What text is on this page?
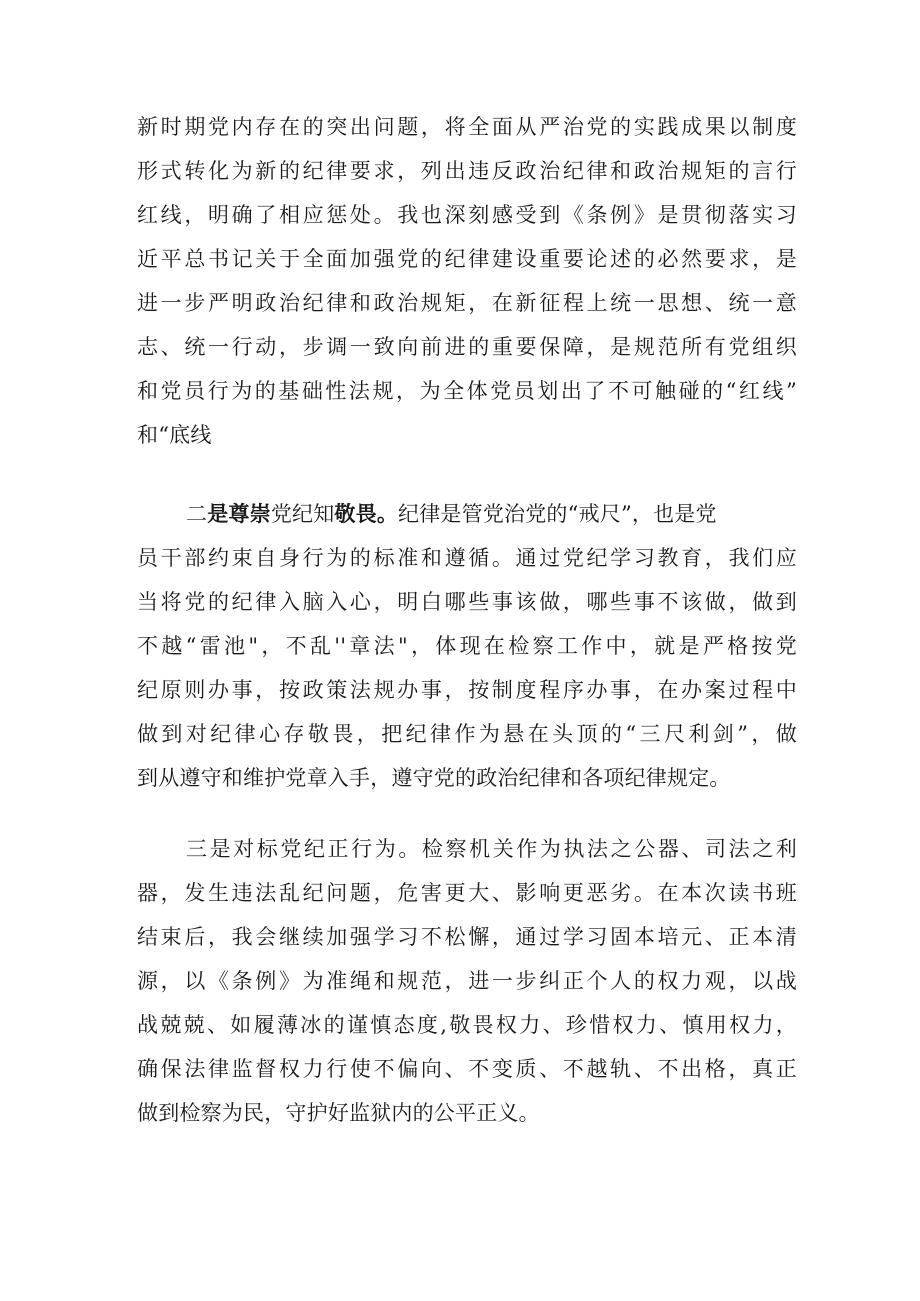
新时期党内存在的突出问题，将全面从严治党的实践成果以制度
形式转化为新的纪律要求，列出违反政治纪律和政治规矩的言行
红线，明确了相应惩处。我也深刻感受到《条例》是贯彻落实习
近平总书记关于全面加强党的纪律建设重要论述的必然要求，是
进一步严明政治纪律和政治规矩，在新征程上统一思想、统一意
志、统一行动，步调一致向前进的重要保障，是规范所有党组织
和党员行为的基础性法规，为全体党员划出了不可触碰的“红线”
和“底线
二是尊崇党纪知敬畏。纪律是管党治党的“戒尺”，也是党
员干部约束自身行为的标准和遵循。通过党纪学习教育，我们应
当将党的纪律入脑入心，明白哪些事该做，哪些事不该做，做到
不越“雷池"，不乱''章法"，体现在检察工作中，就是严格按党
纪原则办事，按政策法规办事，按制度程序办事，在办案过程中
做到对纪律心存敬畏，把纪律作为悬在头顶的“三尺利剑”，做
到从遵守和维护党章入手，遵守党的政治纪律和各项纪律规定。
三是对标党纪正行为。检察机关作为执法之公器、司法之利
器，发生违法乱纪问题，危害更大、影响更恶劣。在本次读书班
结束后，我会继续加强学习不松懈，通过学习固本培元、正本清
源，以《条例》为准绳和规范，进一步纠正个人的权力观，以战
战兢兢、如履薄冰的谨慎态度,敬畏权力、珍惜权力、慎用权力，
确保法律监督权力行使不偏向、不变质、不越轨、不出格，真正
做到检察为民，守护好监狱内的公平正义。
